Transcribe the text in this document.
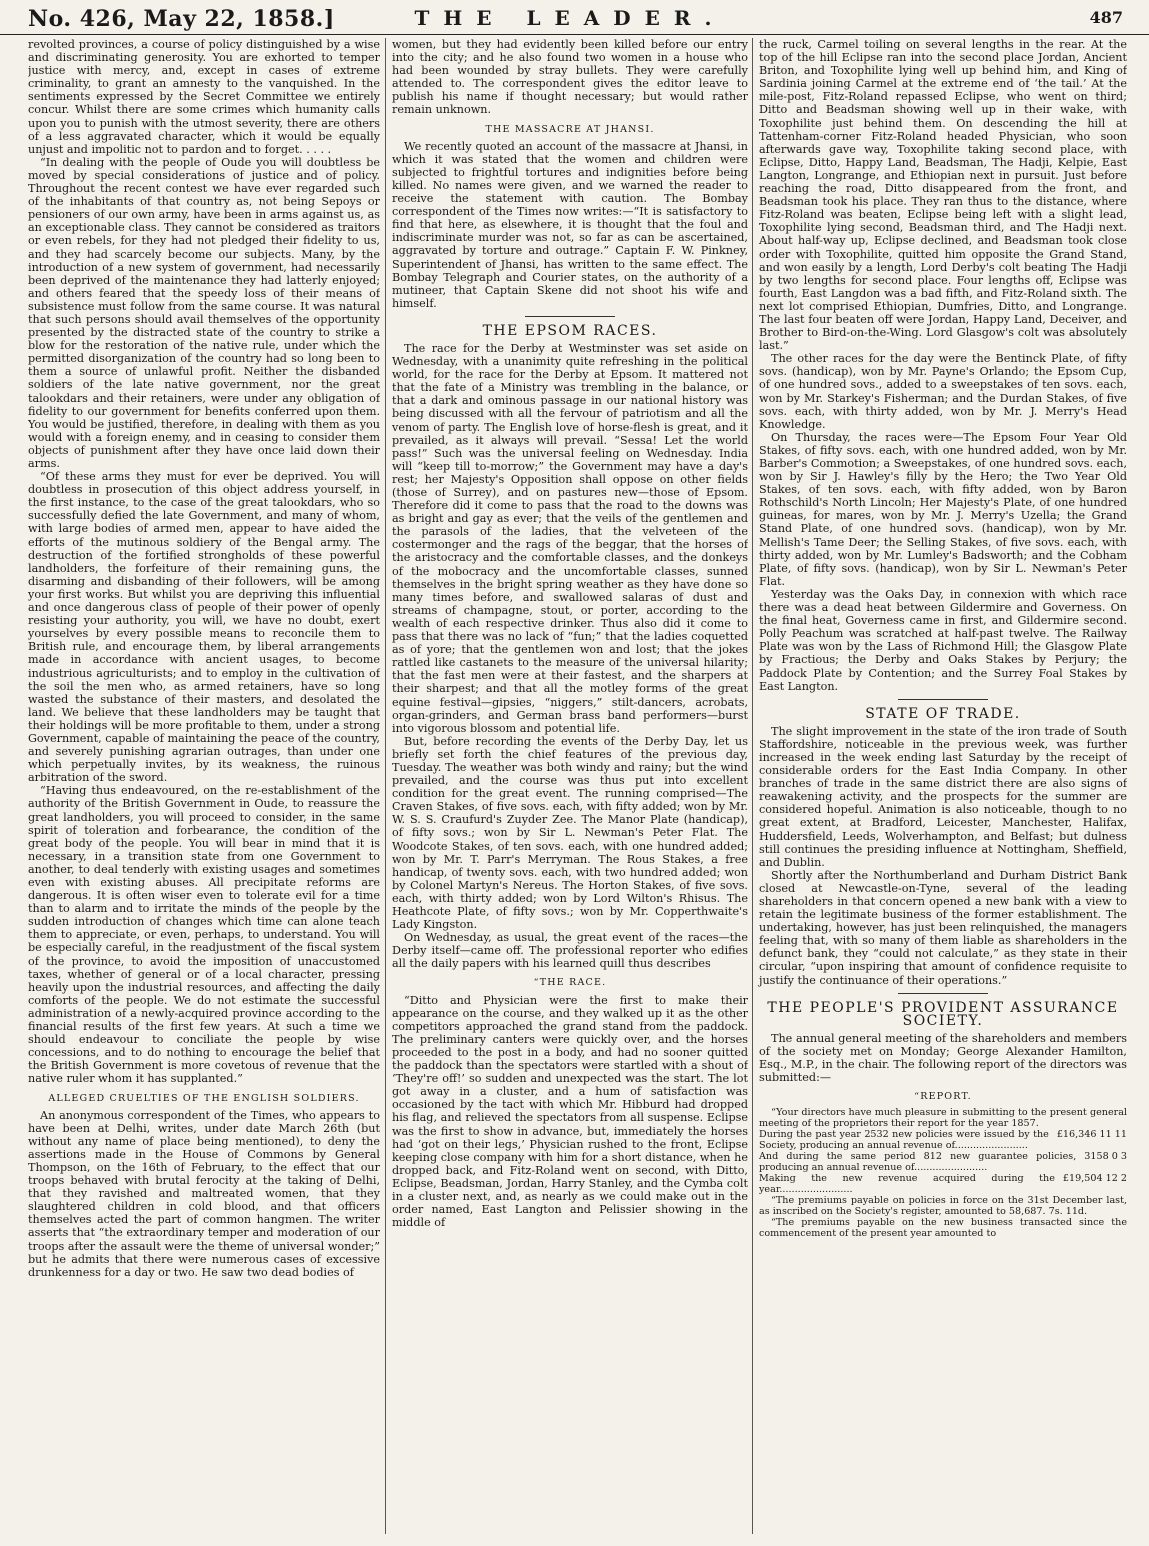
No. 426, May 22, 1858.]	THE LEADER.	487

revolted provinces, a course of policy distinguished by a wise and discriminating generosity. You are exhorted to temper justice with mercy, and, except in cases of extreme criminality, to grant an amnesty to the vanquished. In the sentiments expressed by the Secret Committee we entirely concur. Whilst there are some crimes which humanity calls upon you to punish with the utmost severity, there are others of a less aggravated character, which it would be equally unjust and impolitic not to pardon and to forget. . . . .

“In dealing with the people of Oude you will doubtless be moved by special considerations of justice and of policy. Throughout the recent contest we have ever regarded such of the inhabitants of that country as, not being Sepoys or pensioners of our own army, have been in arms against us, as an exceptionable class. They cannot be considered as traitors or even rebels, for they had not pledged their fidelity to us, and they had scarcely become our subjects. Many, by the introduction of a new system of government, had necessarily been deprived of the maintenance they had latterly enjoyed; and others feared that the speedy loss of their means of subsistence must follow from the same course. It was natural that such persons should avail themselves of the opportunity presented by the distracted state of the country to strike a blow for the restoration of the native rule, under which the permitted disorganization of the country had so long been to them a source of unlawful profit. Neither the disbanded soldiers of the late native government, nor the great talookdars and their retainers, were under any obligation of fidelity to our government for benefits conferred upon them. You would be justified, therefore, in dealing with them as you would with a foreign enemy, and in ceasing to consider them objects of punishment after they have once laid down their arms.

“Of these arms they must for ever be deprived. You will doubtless in prosecution of this object address yourself, in the first instance, to the case of the great talookdars, who so successfully defied the late Government, and many of whom, with large bodies of armed men, appear to have aided the efforts of the mutinous soldiery of the Bengal army. The destruction of the fortified strongholds of these powerful landholders, the forfeiture of their remaining guns, the disarming and disbanding of their followers, will be among your first works. But whilst you are depriving this influential and once dangerous class of people of their power of openly resisting your authority, you will, we have no doubt, exert yourselves by every possible means to reconcile them to British rule, and encourage them, by liberal arrangements made in accordance with ancient usages, to become industrious agriculturists; and to employ in the cultivation of the soil the men who, as armed retainers, have so long wasted the substance of their masters, and desolated the land. We believe that these landholders may be taught that their holdings will be more profitable to them, under a strong Government, capable of maintaining the peace of the country, and severely punishing agrarian outrages, than under one which perpetually invites, by its weakness, the ruinous arbitration of the sword.

“Having thus endeavoured, on the re-establishment of the authority of the British Government in Oude, to reassure the great landholders, you will proceed to consider, in the same spirit of toleration and forbearance, the condition of the great body of the people. You will bear in mind that it is necessary, in a transition state from one Government to another, to deal tenderly with existing usages and sometimes even with existing abuses. All precipitate reforms are dangerous. It is often wiser even to tolerate evil for a time than to alarm and to irritate the minds of the people by the sudden introduction of changes which time can alone teach them to appreciate, or even, perhaps, to understand. You will be especially careful, in the readjustment of the fiscal system of the province, to avoid the imposition of unaccustomed taxes, whether of general or of a local character, pressing heavily upon the industrial resources, and affecting the daily comforts of the people. We do not estimate the successful administration of a newly-acquired province according to the financial results of the first few years. At such a time we should endeavour to conciliate the people by wise concessions, and to do nothing to encourage the belief that the British Government is more covetous of revenue that the native ruler whom it has supplanted.”

ALLEGED CRUELTIES OF THE ENGLISH SOLDIERS.

An anonymous correspondent of the Times, who appears to have been at Delhi, writes, under date March 26th (but without any name of place being mentioned), to deny the assertions made in the House of Commons by General Thompson, on the 16th of February, to the effect that our troops behaved with brutal ferocity at the taking of Delhi, that they ravished and maltreated women, that they slaughtered children in cold blood, and that officers themselves acted the part of common hangmen. The writer asserts that “the extraordinary temper and moderation of our troops after the assault were the theme of universal wonder;” but he admits that there were numerous cases of excessive drunkenness for a day or two. He saw two dead bodies of

women, but they had evidently been killed before our entry into the city; and he also found two women in a house who had been wounded by stray bullets. They were carefully attended to. The correspondent gives the editor leave to publish his name if thought necessary; but would rather remain unknown.

THE MASSACRE AT JHANSI.

We recently quoted an account of the massacre at Jhansi, in which it was stated that the women and children were subjected to frightful tortures and indignities before being killed. No names were given, and we warned the reader to receive the statement with caution. The Bombay correspondent of the Times now writes:—“It is satisfactory to find that here, as elsewhere, it is thought that the foul and indiscriminate murder was not, so far as can be ascertained, aggravated by torture and outrage.” Captain F. W. Pinkney, Superintendent of Jhansi, has written to the same effect. The Bombay Telegraph and Courier states, on the authority of a mutineer, that Captain Skene did not shoot his wife and himself.

THE EPSOM RACES.

The race for the Derby at Westminster was set aside on Wednesday, with a unanimity quite refreshing in the political world, for the race for the Derby at Epsom. It mattered not that the fate of a Ministry was trembling in the balance, or that a dark and ominous passage in our national history was being discussed with all the fervour of patriotism and all the venom of party. The English love of horse-flesh is great, and it prevailed, as it always will prevail. “Sessa! Let the world pass!” Such was the universal feeling on Wednesday. India will “keep till to-morrow;” the Government may have a day's rest; her Majesty's Opposition shall oppose on other fields (those of Surrey), and on pastures new—those of Epsom. Therefore did it come to pass that the road to the downs was as bright and gay as ever; that the veils of the gentlemen and the parasols of the ladies, that the velveteen of the costermonger and the rags of the beggar, that the horses of the aristocracy and the comfortable classes, and the donkeys of the mobocracy and the uncomfortable classes, sunned themselves in the bright spring weather as they have done so many times before, and swallowed salaras of dust and streams of champagne, stout, or porter, according to the wealth of each respective drinker. Thus also did it come to pass that there was no lack of “fun;” that the ladies coquetted as of yore; that the gentlemen won and lost; that the jokes rattled like castanets to the measure of the universal hilarity; that the fast men were at their fastest, and the sharpers at their sharpest; and that all the motley forms of the great equine festival—gipsies, “niggers,” stilt-dancers, acrobats, organ-grinders, and German brass band performers—burst into vigorous blossom and potential life.

But, before recording the events of the Derby Day, let us briefly set forth the chief features of the previous day, Tuesday. The weather was both windy and rainy; but the wind prevailed, and the course was thus put into excellent condition for the great event. The running comprised—The Craven Stakes, of five sovs. each, with fifty added; won by Mr. W. S. S. Craufurd's Zuyder Zee. The Manor Plate (handicap), of fifty sovs.; won by Sir L. Newman's Peter Flat. The Woodcote Stakes, of ten sovs. each, with one hundred added; won by Mr. T. Parr's Merryman. The Rous Stakes, a free handicap, of twenty sovs. each, with two hundred added; won by Colonel Martyn's Nereus. The Horton Stakes, of five sovs. each, with thirty added; won by Lord Wilton's Rhisus. The Heathcote Plate, of fifty sovs.; won by Mr. Copperthwaite's Lady Kingston.

On Wednesday, as usual, the great event of the races—the Derby itself—came off. The professional reporter who edifies all the daily papers with his learned quill thus describes

“THE RACE.

“Ditto and Physician were the first to make their appearance on the course, and they walked up it as the other competitors approached the grand stand from the paddock. The preliminary canters were quickly over, and the horses proceeded to the post in a body, and had no sooner quitted the paddock than the spectators were startled with a shout of ‘They're off!’ so sudden and unexpected was the start. The lot got away in a cluster, and a hum of satisfaction was occasioned by the tact with which Mr. Hibburd had dropped his flag, and relieved the spectators from all suspense. Eclipse was the first to show in advance, but, immediately the horses had ‘got on their legs,’ Physician rushed to the front, Eclipse keeping close company with him for a short distance, when he dropped back, and Fitz-Roland went on second, with Ditto, Eclipse, Beadsman, Jordan, Harry Stanley, and the Cymba colt in a cluster next, and, as nearly as we could make out in the order named, East Langton and Pelissier showing in the middle of

the ruck, Carmel toiling on several lengths in the rear. At the top of the hill Eclipse ran into the second place Jordan, Ancient Briton, and Toxophilite lying well up behind him, and King of Sardinia joining Carmel at the extreme end of ‘the tail.’ At the mile-post, Fitz-Roland repassed Eclipse, who went on third; Ditto and Beadsman showing well up in their wake, with Toxophilite just behind them. On descending the hill at Tattenham-corner Fitz-Roland headed Physician, who soon afterwards gave way, Toxophilite taking second place, with Eclipse, Ditto, Happy Land, Beadsman, The Hadji, Kelpie, East Langton, Longrange, and Ethiopian next in pursuit. Just before reaching the road, Ditto disappeared from the front, and Beadsman took his place. They ran thus to the distance, where Fitz-Roland was beaten, Eclipse being left with a slight lead, Toxophilite lying second, Beadsman third, and The Hadji next. About half-way up, Eclipse declined, and Beadsman took close order with Toxophilite, quitted him opposite the Grand Stand, and won easily by a length, Lord Derby's colt beating The Hadji by two lengths for second place. Four lengths off, Eclipse was fourth, East Langdon was a bad fifth, and Fitz-Roland sixth. The next lot comprised Ethiopian, Dumfries, Ditto, and Longrange. The last four beaten off were Jordan, Happy Land, Deceiver, and Brother to Bird-on-the-Wing. Lord Glasgow's colt was absolutely last.”

The other races for the day were the Bentinck Plate, of fifty sovs. (handicap), won by Mr. Payne's Orlando; the Epsom Cup, of one hundred sovs., added to a sweepstakes of ten sovs. each, won by Mr. Starkey's Fisherman; and the Durdan Stakes, of five sovs. each, with thirty added, won by Mr. J. Merry's Head Knowledge.

On Thursday, the races were—The Epsom Four Year Old Stakes, of fifty sovs. each, with one hundred added, won by Mr. Barber's Commotion; a Sweepstakes, of one hundred sovs. each, won by Sir J. Hawley's filly by the Hero; the Two Year Old Stakes, of ten sovs. each, with fifty added, won by Baron Rothschild's North Lincoln; Her Majesty's Plate, of one hundred guineas, for mares, won by Mr. J. Merry's Uzella; the Grand Stand Plate, of one hundred sovs. (handicap), won by Mr. Mellish's Tame Deer; the Selling Stakes, of five sovs. each, with thirty added, won by Mr. Lumley's Badsworth; and the Cobham Plate, of fifty sovs. (handicap), won by Sir L. Newman's Peter Flat.

Yesterday was the Oaks Day, in connexion with which race there was a dead heat between Gildermire and Governess. On the final heat, Governess came in first, and Gildermire second. Polly Peachum was scratched at half-past twelve. The Railway Plate was won by the Lass of Richmond Hill; the Glasgow Plate by Fractious; the Derby and Oaks Stakes by Perjury; the Paddock Plate by Contention; and the Surrey Foal Stakes by East Langton.

STATE OF TRADE.

The slight improvement in the state of the iron trade of South Staffordshire, noticeable in the previous week, was further increased in the week ending last Saturday by the receipt of considerable orders for the East India Company. In other branches of trade in the same district there are also signs of reawakening activity, and the prospects for the summer are considered hopeful. Animation is also noticeable, though to no great extent, at Bradford, Leicester, Manchester, Halifax, Huddersfield, Leeds, Wolverhampton, and Belfast; but dulness still continues the presiding influence at Nottingham, Sheffield, and Dublin.

Shortly after the Northumberland and Durham District Bank closed at Newcastle-on-Tyne, several of the leading shareholders in that concern opened a new bank with a view to retain the legitimate business of the former establishment. The undertaking, however, has just been relinquished, the managers feeling that, with so many of them liable as shareholders in the defunct bank, they “could not calculate,” as they state in their circular, “upon inspiring that amount of confidence requisite to justify the continuance of their operations.”

THE PEOPLE'S PROVIDENT ASSURANCE SOCIETY.

The annual general meeting of the shareholders and members of the society met on Monday; George Alexander Hamilton, Esq., M.P., in the chair. The following report of the directors was submitted:—

“REPORT.

“Your directors have much pleasure in submitting to the present general meeting of the proprietors their report for the year 1857.

During the past year 2532 new policies were issued by the Society, producing an annual revenue of........................
£16,346 11 11
And during the same period 812 new guarantee policies, producing an annual revenue of........................
3158 0 3
Making the new revenue acquired during the year........................
£19,504 12 2

“The premiums payable on policies in force on the 31st December last, as inscribed on the Society's register, amounted to 58,687. 7s. 11d.

“The premiums payable on the new business transacted since the commencement of the present year amounted to
